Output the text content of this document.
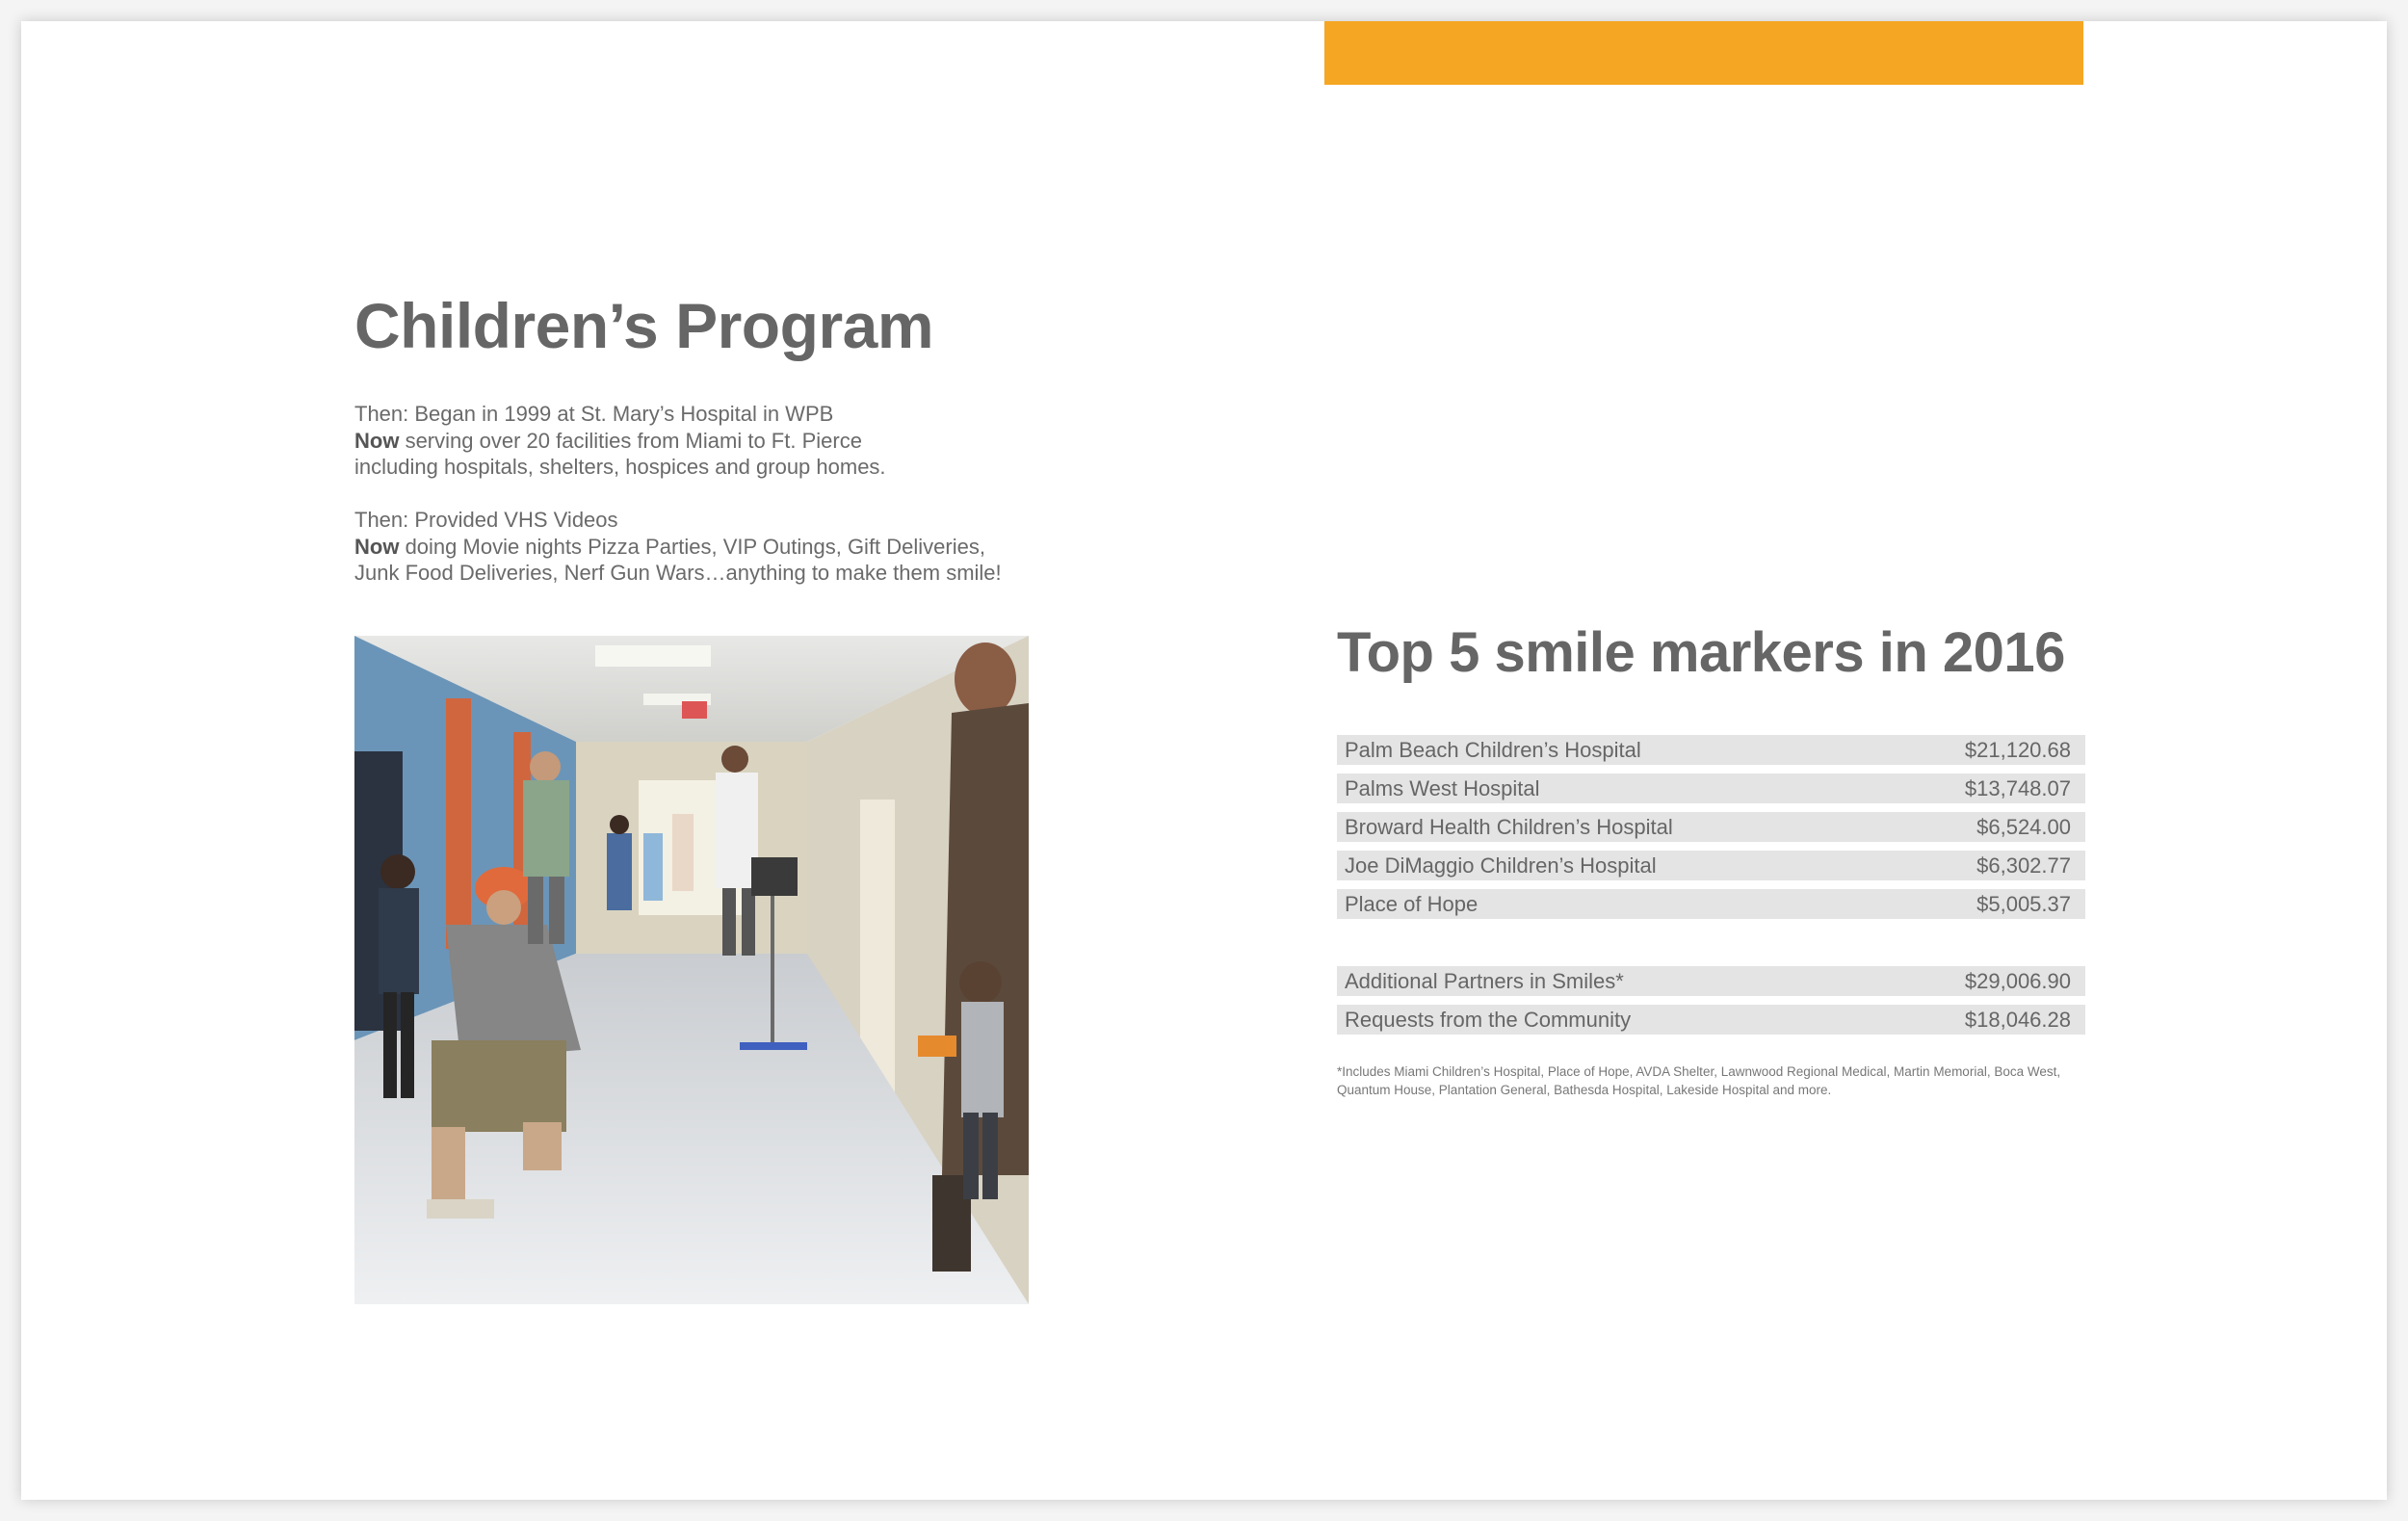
Children’s Program

Then: Began in 1999 at St. Mary’s Hospital in WPB
Now serving over 20 facilities from Miami to Ft. Pierce
including hospitals, shelters, hospices and group homes.

Then: Provided VHS Videos
Now doing Movie nights Pizza Parties, VIP Outings, Gift Deliveries,
Junk Food Deliveries, Nerf Gun Wars…anything to make them smile!

Top 5 smile markers in 2016
Palm Beach Children’s Hospital	$21,120.68
Palms West Hospital	$13,748.07
Broward Health Children’s Hospital	$6,524.00
Joe DiMaggio Children’s Hospital	$6,302.77
Place of Hope	$5,005.37
Additional Partners in Smiles*	$29,006.90
Requests from the Community	$18,046.28

*Includes Miami Children’s Hospital, Place of Hope, AVDA Shelter, Lawnwood Regional Medical, Martin Memorial, Boca West, Quantum House, Plantation General, Bathesda Hospital, Lakeside Hospital and more.
